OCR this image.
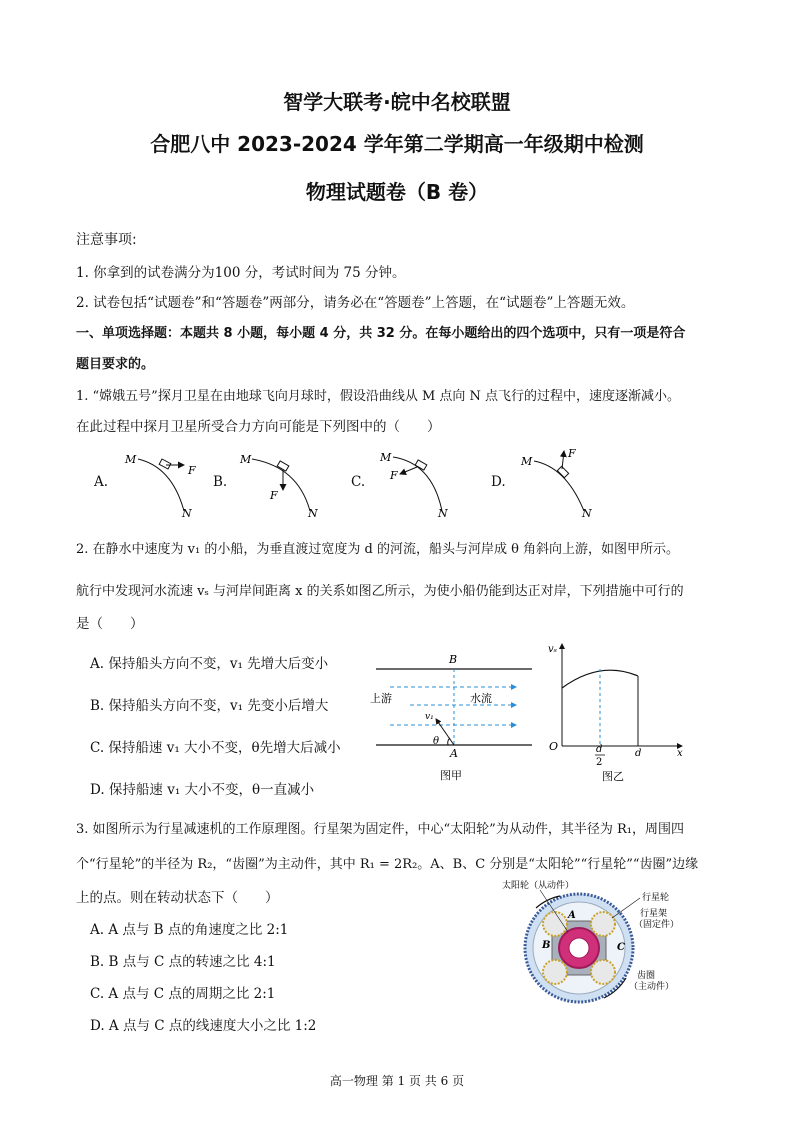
智学大联考·皖中名校联盟
合肥八中 2023-2024 学年第二学期高一年级期中检测
物理试题卷（B 卷）
注意事项:
1. 你拿到的试卷满分为100 分，考试时间为 75 分钟。
2. 试卷包括“试题卷”和“答题卷”两部分，请务必在“答题卷”上答题，在“试题卷”上答题无效。
一、单项选择题：本题共 8 小题，每小题 4 分，共 32 分。在每小题给出的四个选项中，只有一项是符合
题目要求的。
1. “嫦娥五号”探月卫星在由地球飞向月球时，假设沿曲线从 M 点向 N 点飞行的过程中，速度逐渐减小。
在此过程中探月卫星所受合力方向可能是下列图中的（　　）
A.	B.	C.	D.
M
F
N
M
F
N
M
F
N
M
F
N
2. 在静水中速度为 v₁ 的小船，为垂直渡过宽度为 d 的河流，船头与河岸成 θ 角斜向上游，如图甲所示。
航行中发现河水流速 vₛ 与河岸间距离 x 的关系如图乙所示，为使小船仍能到达正对岸，下列措施中可行的
是（　　）
A. 保持船头方向不变，v₁ 先增大后变小
B. 保持船头方向不变，v₁ 先变小后增大
C. 保持船速 v₁ 大小不变，θ先增大后减小
D. 保持船速 v₁ 大小不变，θ一直减小
B
A
上游	水流
v₁
θ
图甲
vₛ
O	d
2
d	x
图乙
3. 如图所示为行星减速机的工作原理图。行星架为固定件，中心“太阳轮”为从动件，其半径为 R₁，周围四
个“行星轮”的半径为 R₂，“齿圈”为主动件，其中 R₁ = 2R₂。A、B、C 分别是“太阳轮”“行星轮”“齿圈”边缘
上的点。则在转动状态下（　　）
A. A 点与 B 点的角速度之比 2:1
B. B 点与 C 点的转速之比 4:1
C. A 点与 C 点的周期之比 2:1
D. A 点与 C 点的线速度大小之比 1:2
太阳轮（从动件）
行星轮
行星架
（固定件）
齿圈
（主动件）
A
B	C
高一物理 第 1 页 共 6 页
